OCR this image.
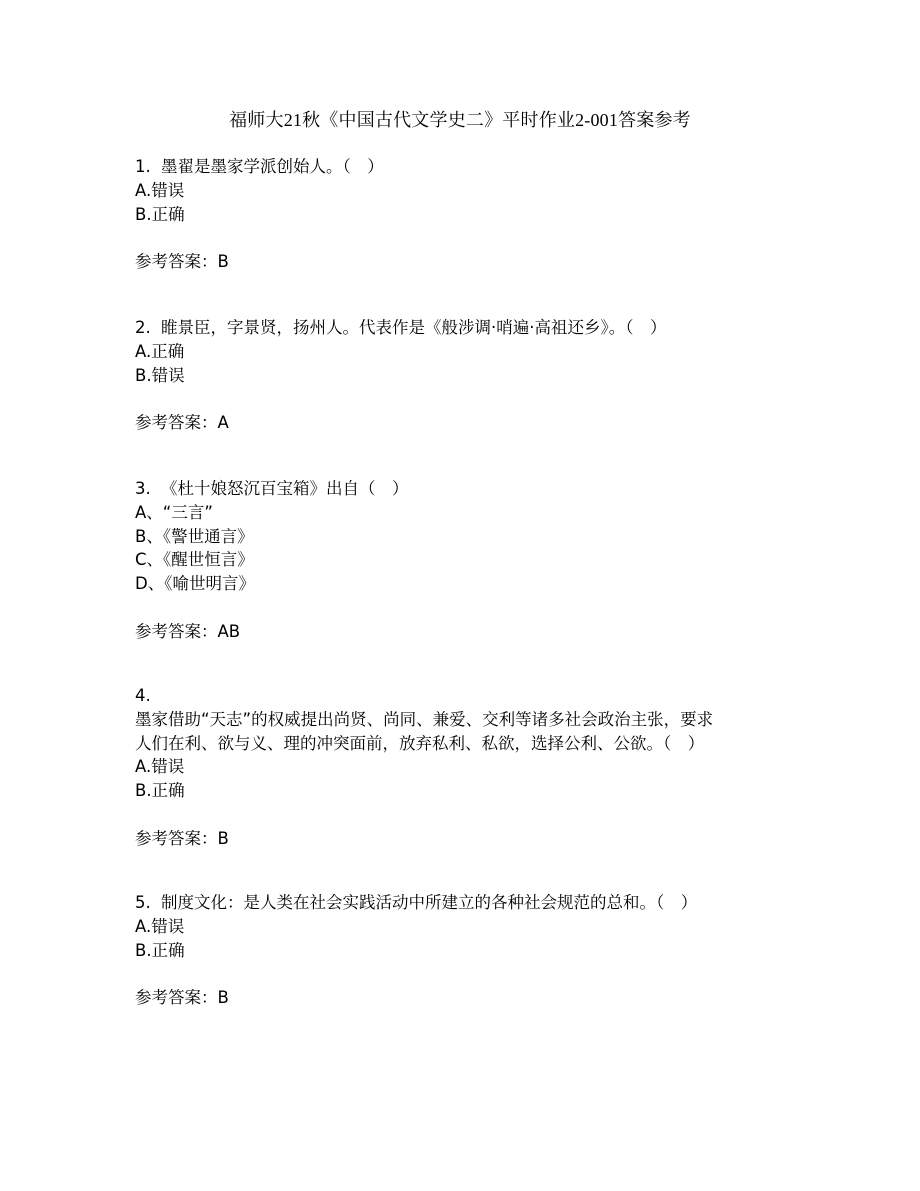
福师大21秋《中国古代文学史二》平时作业2-001答案参考
1. 墨翟是墨家学派创始人。（　）
A.错误
B.正确
参考答案：B
2. 睢景臣，字景贤，扬州人。代表作是《般涉调·哨遍·高祖还乡》。（　）
A.正确
B.错误
参考答案：A
3. 《杜十娘怒沉百宝箱》出自（　）
A、“三言”
B、《警世通言》
C、《醒世恒言》
D、《喻世明言》
参考答案：AB
4.
墨家借助“天志”的权威提出尚贤、尚同、兼爱、交利等诸多社会政治主张，要求
人们在利、欲与义、理的冲突面前，放弃私利、私欲，选择公利、公欲。（　）
A.错误
B.正确
参考答案：B
5. 制度文化：是人类在社会实践活动中所建立的各种社会规范的总和。（　）
A.错误
B.正确
参考答案：B
